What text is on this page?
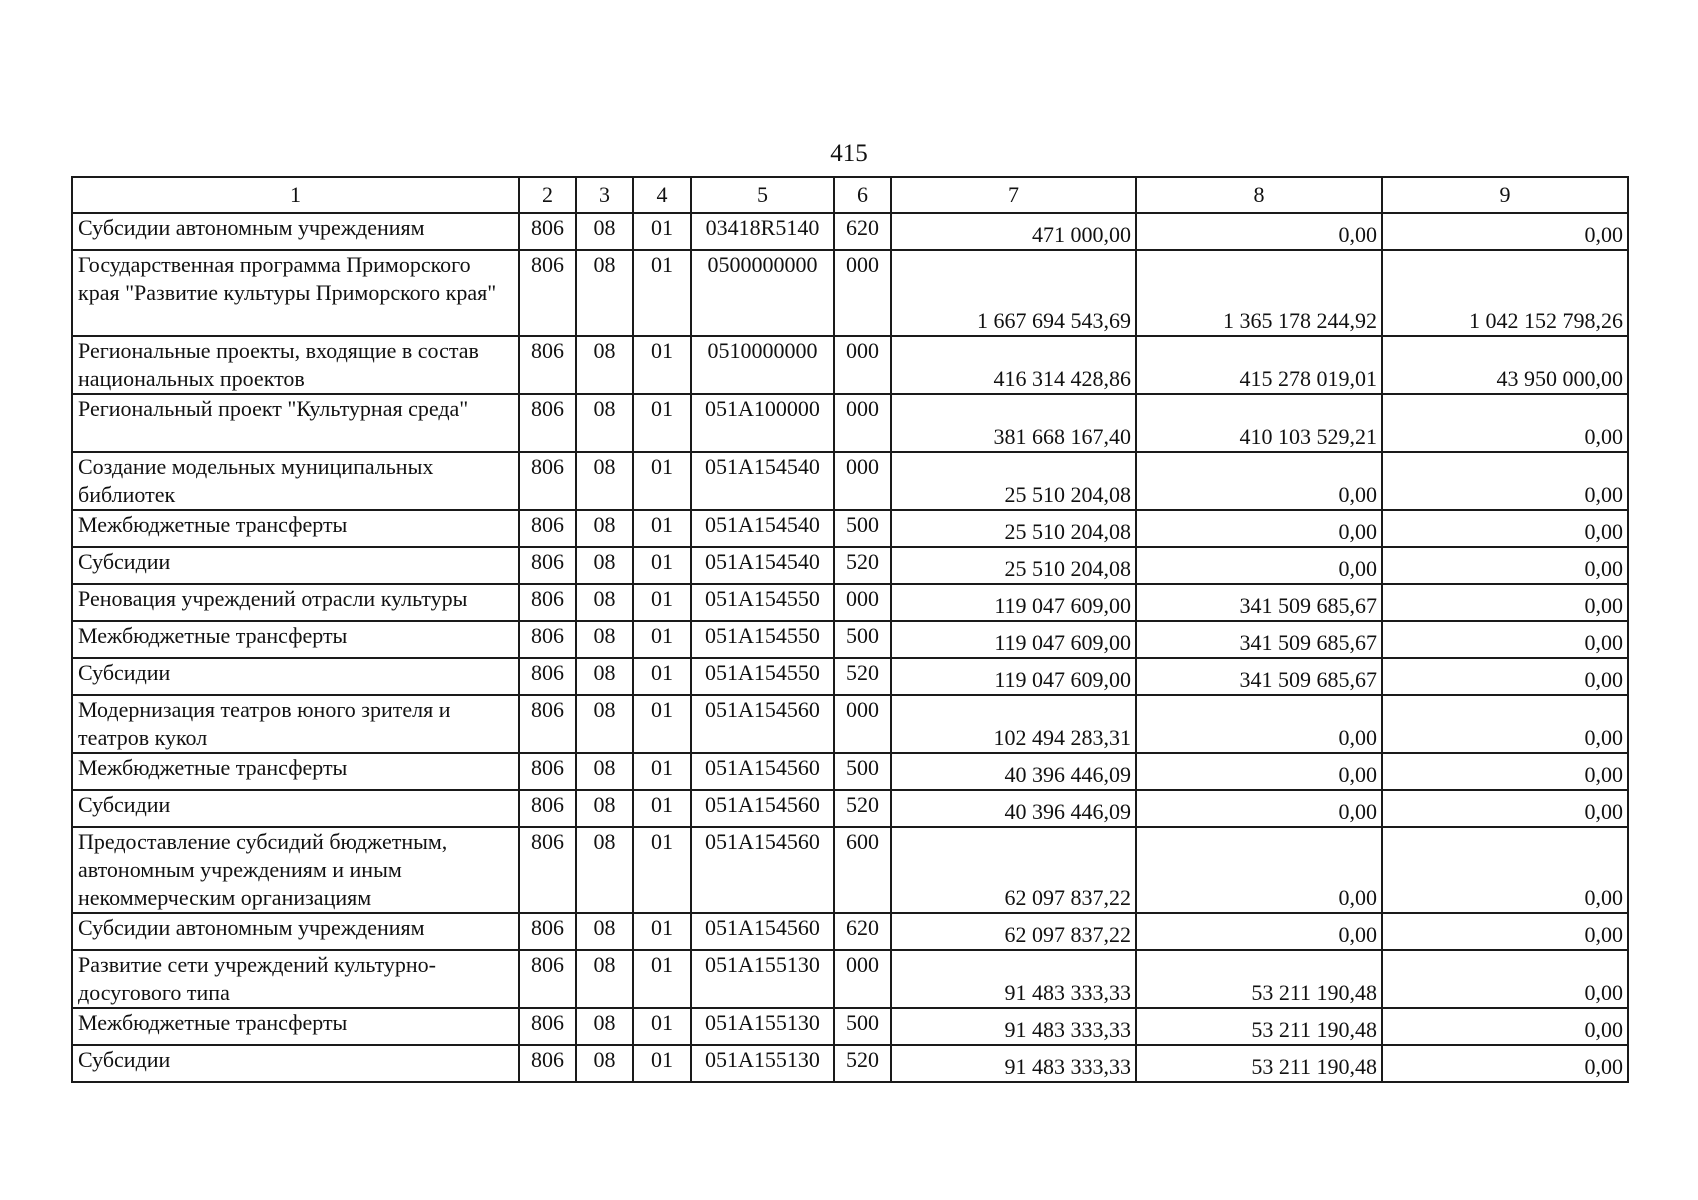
415
1	2	3	4	5	6	7	8	9
Субсидии автономным учреждениям	806	08	01	03418R5140	620	471 000,00	0,00	0,00
Государственная программа Приморского края "Развитие культуры Приморского края"	806	08	01	0500000000	000	1 667 694 543,69	1 365 178 244,92	1 042 152 798,26
Региональные проекты, входящие в состав национальных проектов	806	08	01	0510000000	000	416 314 428,86	415 278 019,01	43 950 000,00
Региональный проект "Культурная среда"	806	08	01	051A100000	000	381 668 167,40	410 103 529,21	0,00
Создание модельных муниципальных библиотек	806	08	01	051A154540	000	25 510 204,08	0,00	0,00
Межбюджетные трансферты	806	08	01	051A154540	500	25 510 204,08	0,00	0,00
Субсидии	806	08	01	051A154540	520	25 510 204,08	0,00	0,00
Реновация учреждений отрасли культуры	806	08	01	051A154550	000	119 047 609,00	341 509 685,67	0,00
Межбюджетные трансферты	806	08	01	051A154550	500	119 047 609,00	341 509 685,67	0,00
Субсидии	806	08	01	051A154550	520	119 047 609,00	341 509 685,67	0,00
Модернизация театров юного зрителя и театров кукол	806	08	01	051A154560	000	102 494 283,31	0,00	0,00
Межбюджетные трансферты	806	08	01	051A154560	500	40 396 446,09	0,00	0,00
Субсидии	806	08	01	051A154560	520	40 396 446,09	0,00	0,00
Предоставление субсидий бюджетным, автономным учреждениям и иным некоммерческим организациям	806	08	01	051A154560	600	62 097 837,22	0,00	0,00
Субсидии автономным учреждениям	806	08	01	051A154560	620	62 097 837,22	0,00	0,00
Развитие сети учреждений культурно-досугового типа	806	08	01	051A155130	000	91 483 333,33	53 211 190,48	0,00
Межбюджетные трансферты	806	08	01	051A155130	500	91 483 333,33	53 211 190,48	0,00
Субсидии	806	08	01	051A155130	520	91 483 333,33	53 211 190,48	0,00
